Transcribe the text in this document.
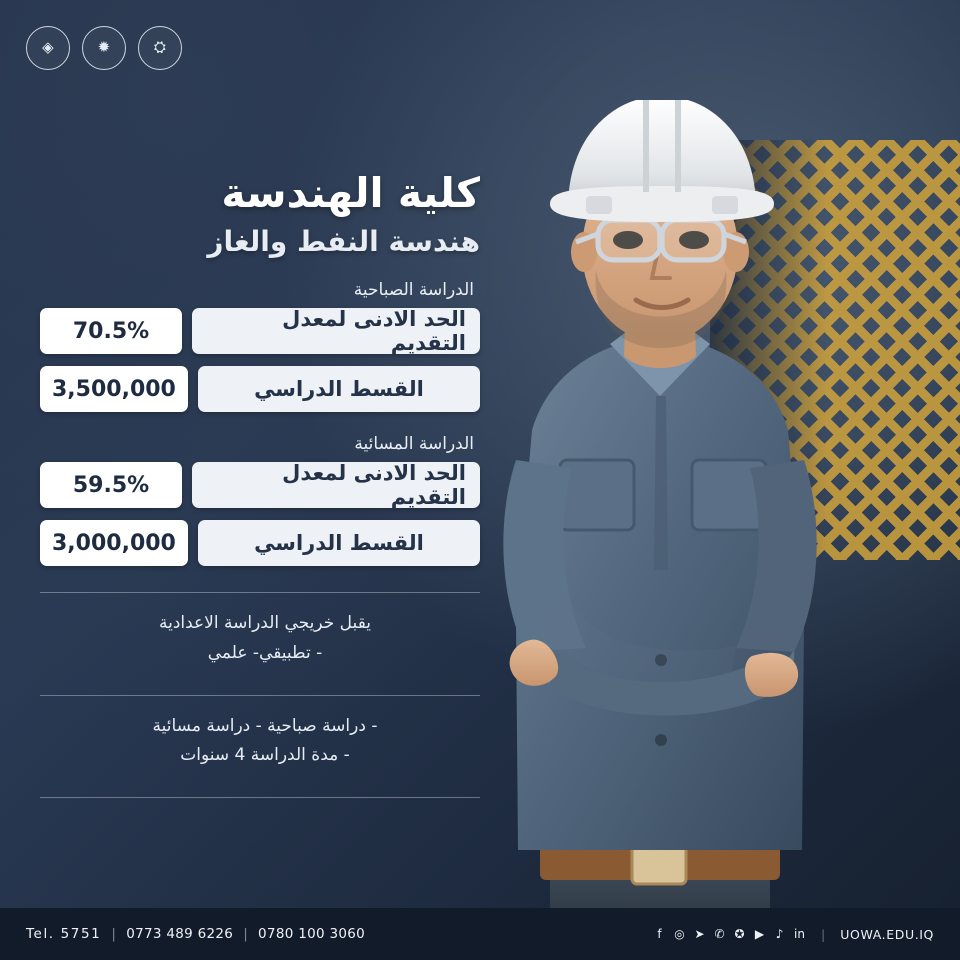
⛭
✹
◈
كلية الهندسة
هندسة النفط والغاز
الدراسة الصباحية
الحد الادنى لمعدل التقديم
70.5%
القسط الدراسي
3,500,000
الدراسة المسائية
الحد الادنى لمعدل التقديم
59.5%
القسط الدراسي
3,000,000
يقبل خريجي الدراسة الاعدادية
- تطبيقي- علمي
- دراسة صباحية - دراسة مسائية
- مدة الدراسة 4 سنوات
Tel. 5751 | 0773 489 6226 | 0780 100 3060	f	◎ ➤ ✆ ✪ ▶ ♪ in | UOWA.EDU.IQ
